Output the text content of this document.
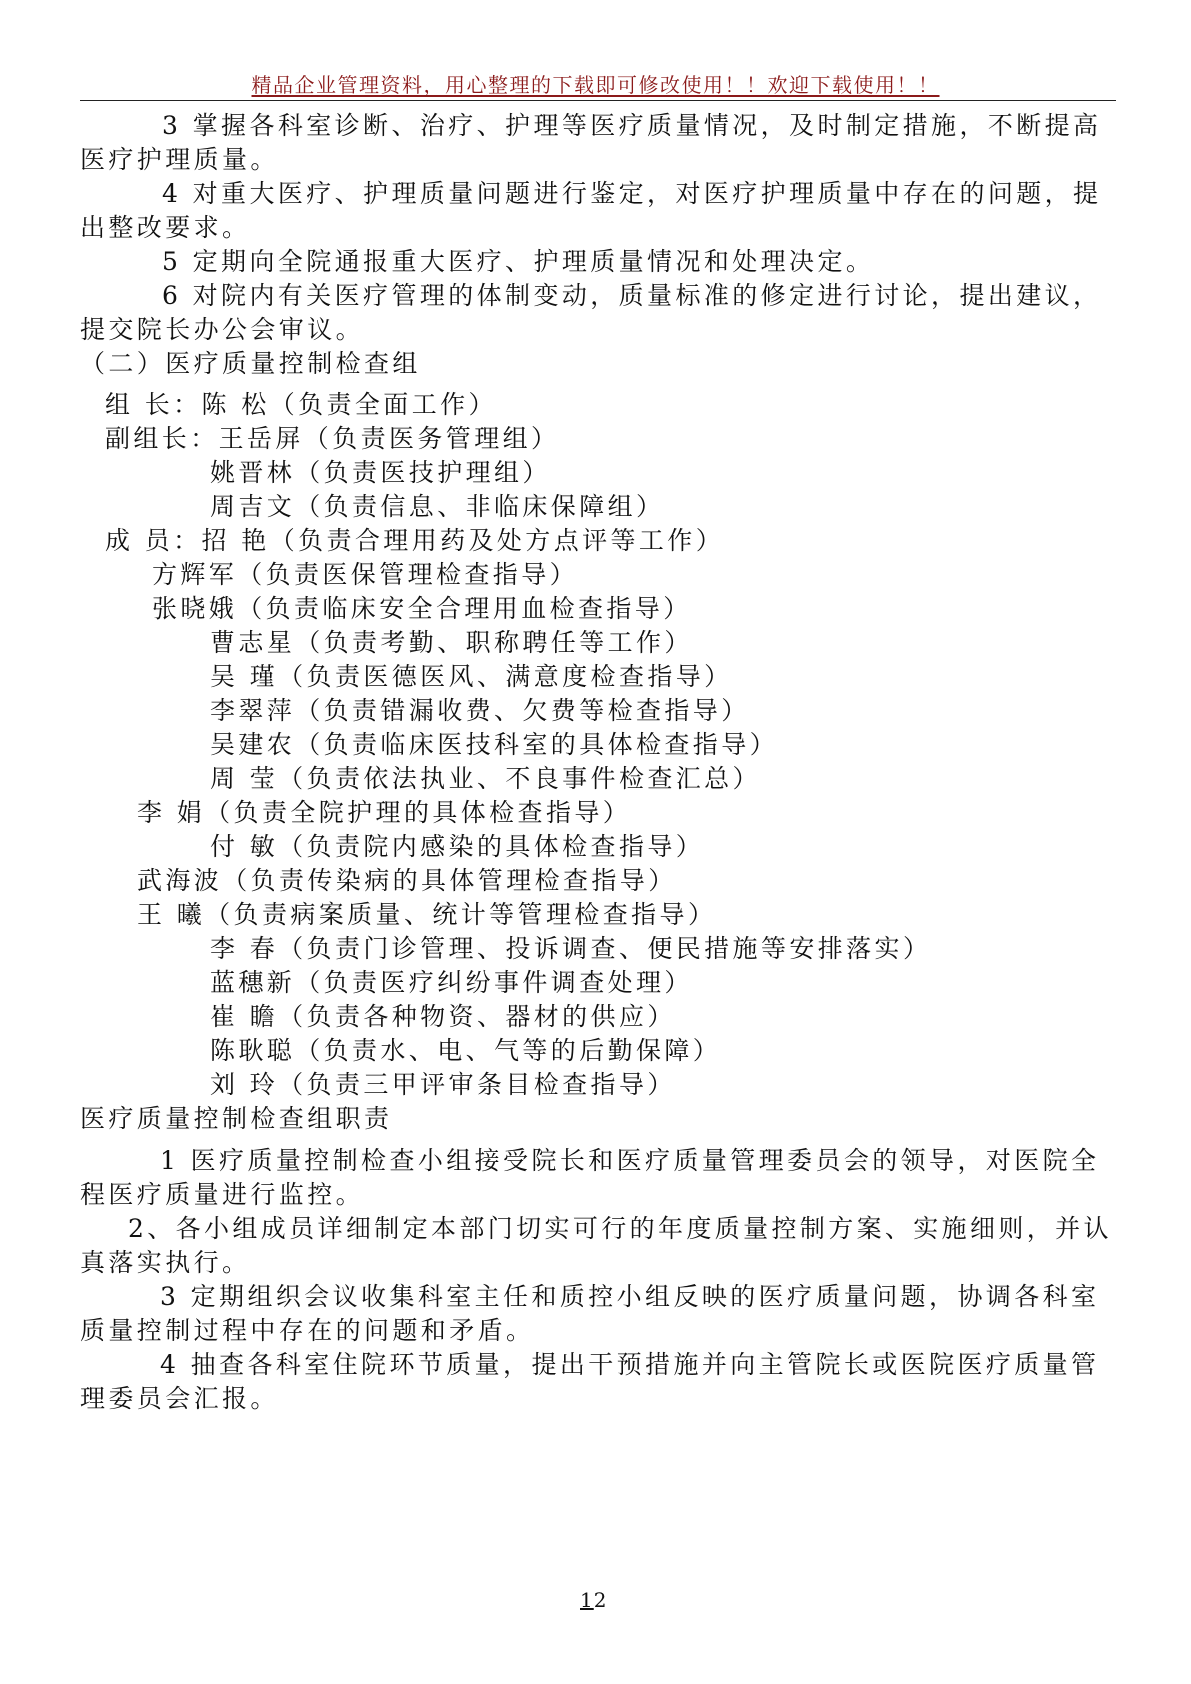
精品企业管理资料，用心整理的下载即可修改使用！！欢迎下载使用！！
3 掌握各科室诊断、治疗、护理等医疗质量情况，及时制定措施，不断提高
医疗护理质量。
4 对重大医疗、护理质量问题进行鉴定，对医疗护理质量中存在的问题，提
出整改要求。
5 定期向全院通报重大医疗、护理质量情况和处理决定。
6 对院内有关医疗管理的体制变动，质量标准的修定进行讨论，提出建议，
提交院长办公会审议。
（二）医疗质量控制检查组
组 长：陈 松（负责全面工作）
副组长：王岳屏（负责医务管理组）
姚晋林（负责医技护理组）
周吉文（负责信息、非临床保障组）
成 员：招 艳（负责合理用药及处方点评等工作）
方辉军（负责医保管理检查指导）
张晓娥（负责临床安全合理用血检查指导）
曹志星（负责考勤、职称聘任等工作）
吴 瑾（负责医德医风、满意度检查指导）
李翠萍（负责错漏收费、欠费等检查指导）
吴建农（负责临床医技科室的具体检查指导）
周 莹（负责依法执业、不良事件检查汇总）
李 娟（负责全院护理的具体检查指导）
付 敏（负责院内感染的具体检查指导）
武海波（负责传染病的具体管理检查指导）
王 曦（负责病案质量、统计等管理检查指导）
李 春（负责门诊管理、投诉调查、便民措施等安排落实）
蓝穗新（负责医疗纠纷事件调查处理）
崔 瞻（负责各种物资、器材的供应）
陈耿聪（负责水、电、气等的后勤保障）
刘 玲（负责三甲评审条目检查指导）
医疗质量控制检查组职责
1 医疗质量控制检查小组接受院长和医疗质量管理委员会的领导，对医院全
程医疗质量进行监控。
2、各小组成员详细制定本部门切实可行的年度质量控制方案、实施细则，并认
真落实执行。
3 定期组织会议收集科室主任和质控小组反映的医疗质量问题，协调各科室
质量控制过程中存在的问题和矛盾。
4 抽查各科室住院环节质量，提出干预措施并向主管院长或医院医疗质量管
理委员会汇报。
12
